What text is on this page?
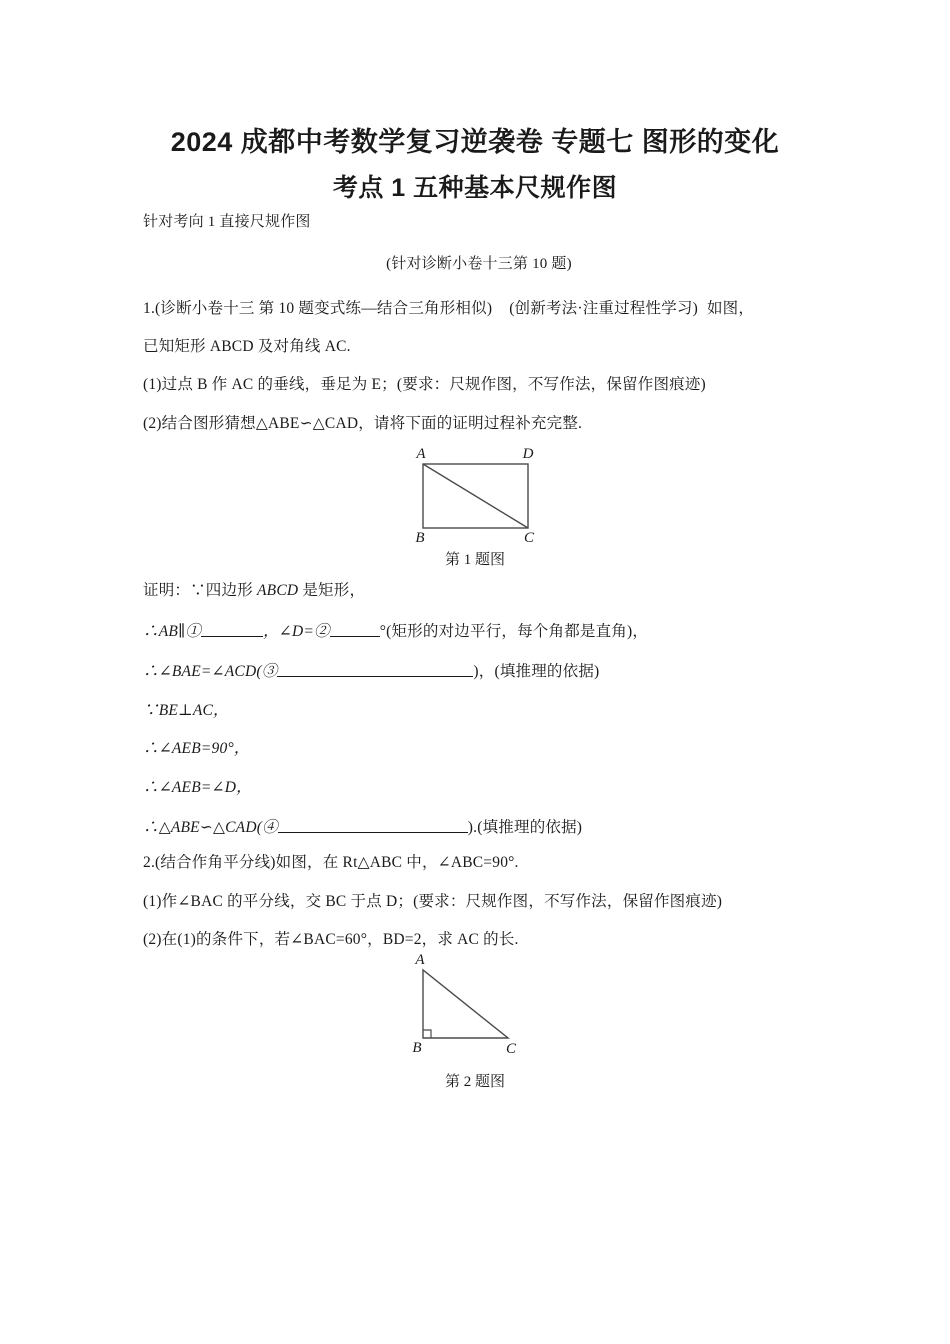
2024 成都中考数学复习逆袭卷 专题七 图形的变化
考点 1 五种基本尺规作图

针对考向 1 直接尺规作图

(针对诊断小卷十三第 10 题)

1.(诊断小卷十三 第 10 题变式练—结合三角形相似) (创新考法·注重过程性学习) 如图，

已知矩形 ABCD 及对角线 AC.

(1)过点 B 作 AC 的垂线，垂足为 E；(要求：尺规作图，不写作法，保留作图痕迹)

(2)结合图形猜想△ABE∽△CAD，请将下面的证明过程补充完整.

A	D
B	C
第 1 题图

证明：∵四边形 ABCD 是矩形，

∴AB∥①	，∠D=②	°(矩形的对边平行，每个角都是直角)，

∴∠BAE=∠ACD(③	)，(填推理的依据)

∵BE⊥AC，

∴∠AEB=90°，

∴∠AEB=∠D，

∴△ABE∽△CAD(④	).(填推理的依据)

2.(结合作角平分线)如图，在 Rt△ABC 中，∠ABC=90°.

(1)作∠BAC 的平分线，交 BC 于点 D；(要求：尺规作图，不写作法，保留作图痕迹)

(2)在(1)的条件下，若∠BAC=60°，BD=2，求 AC 的长.

A
B	C
第 2 题图
